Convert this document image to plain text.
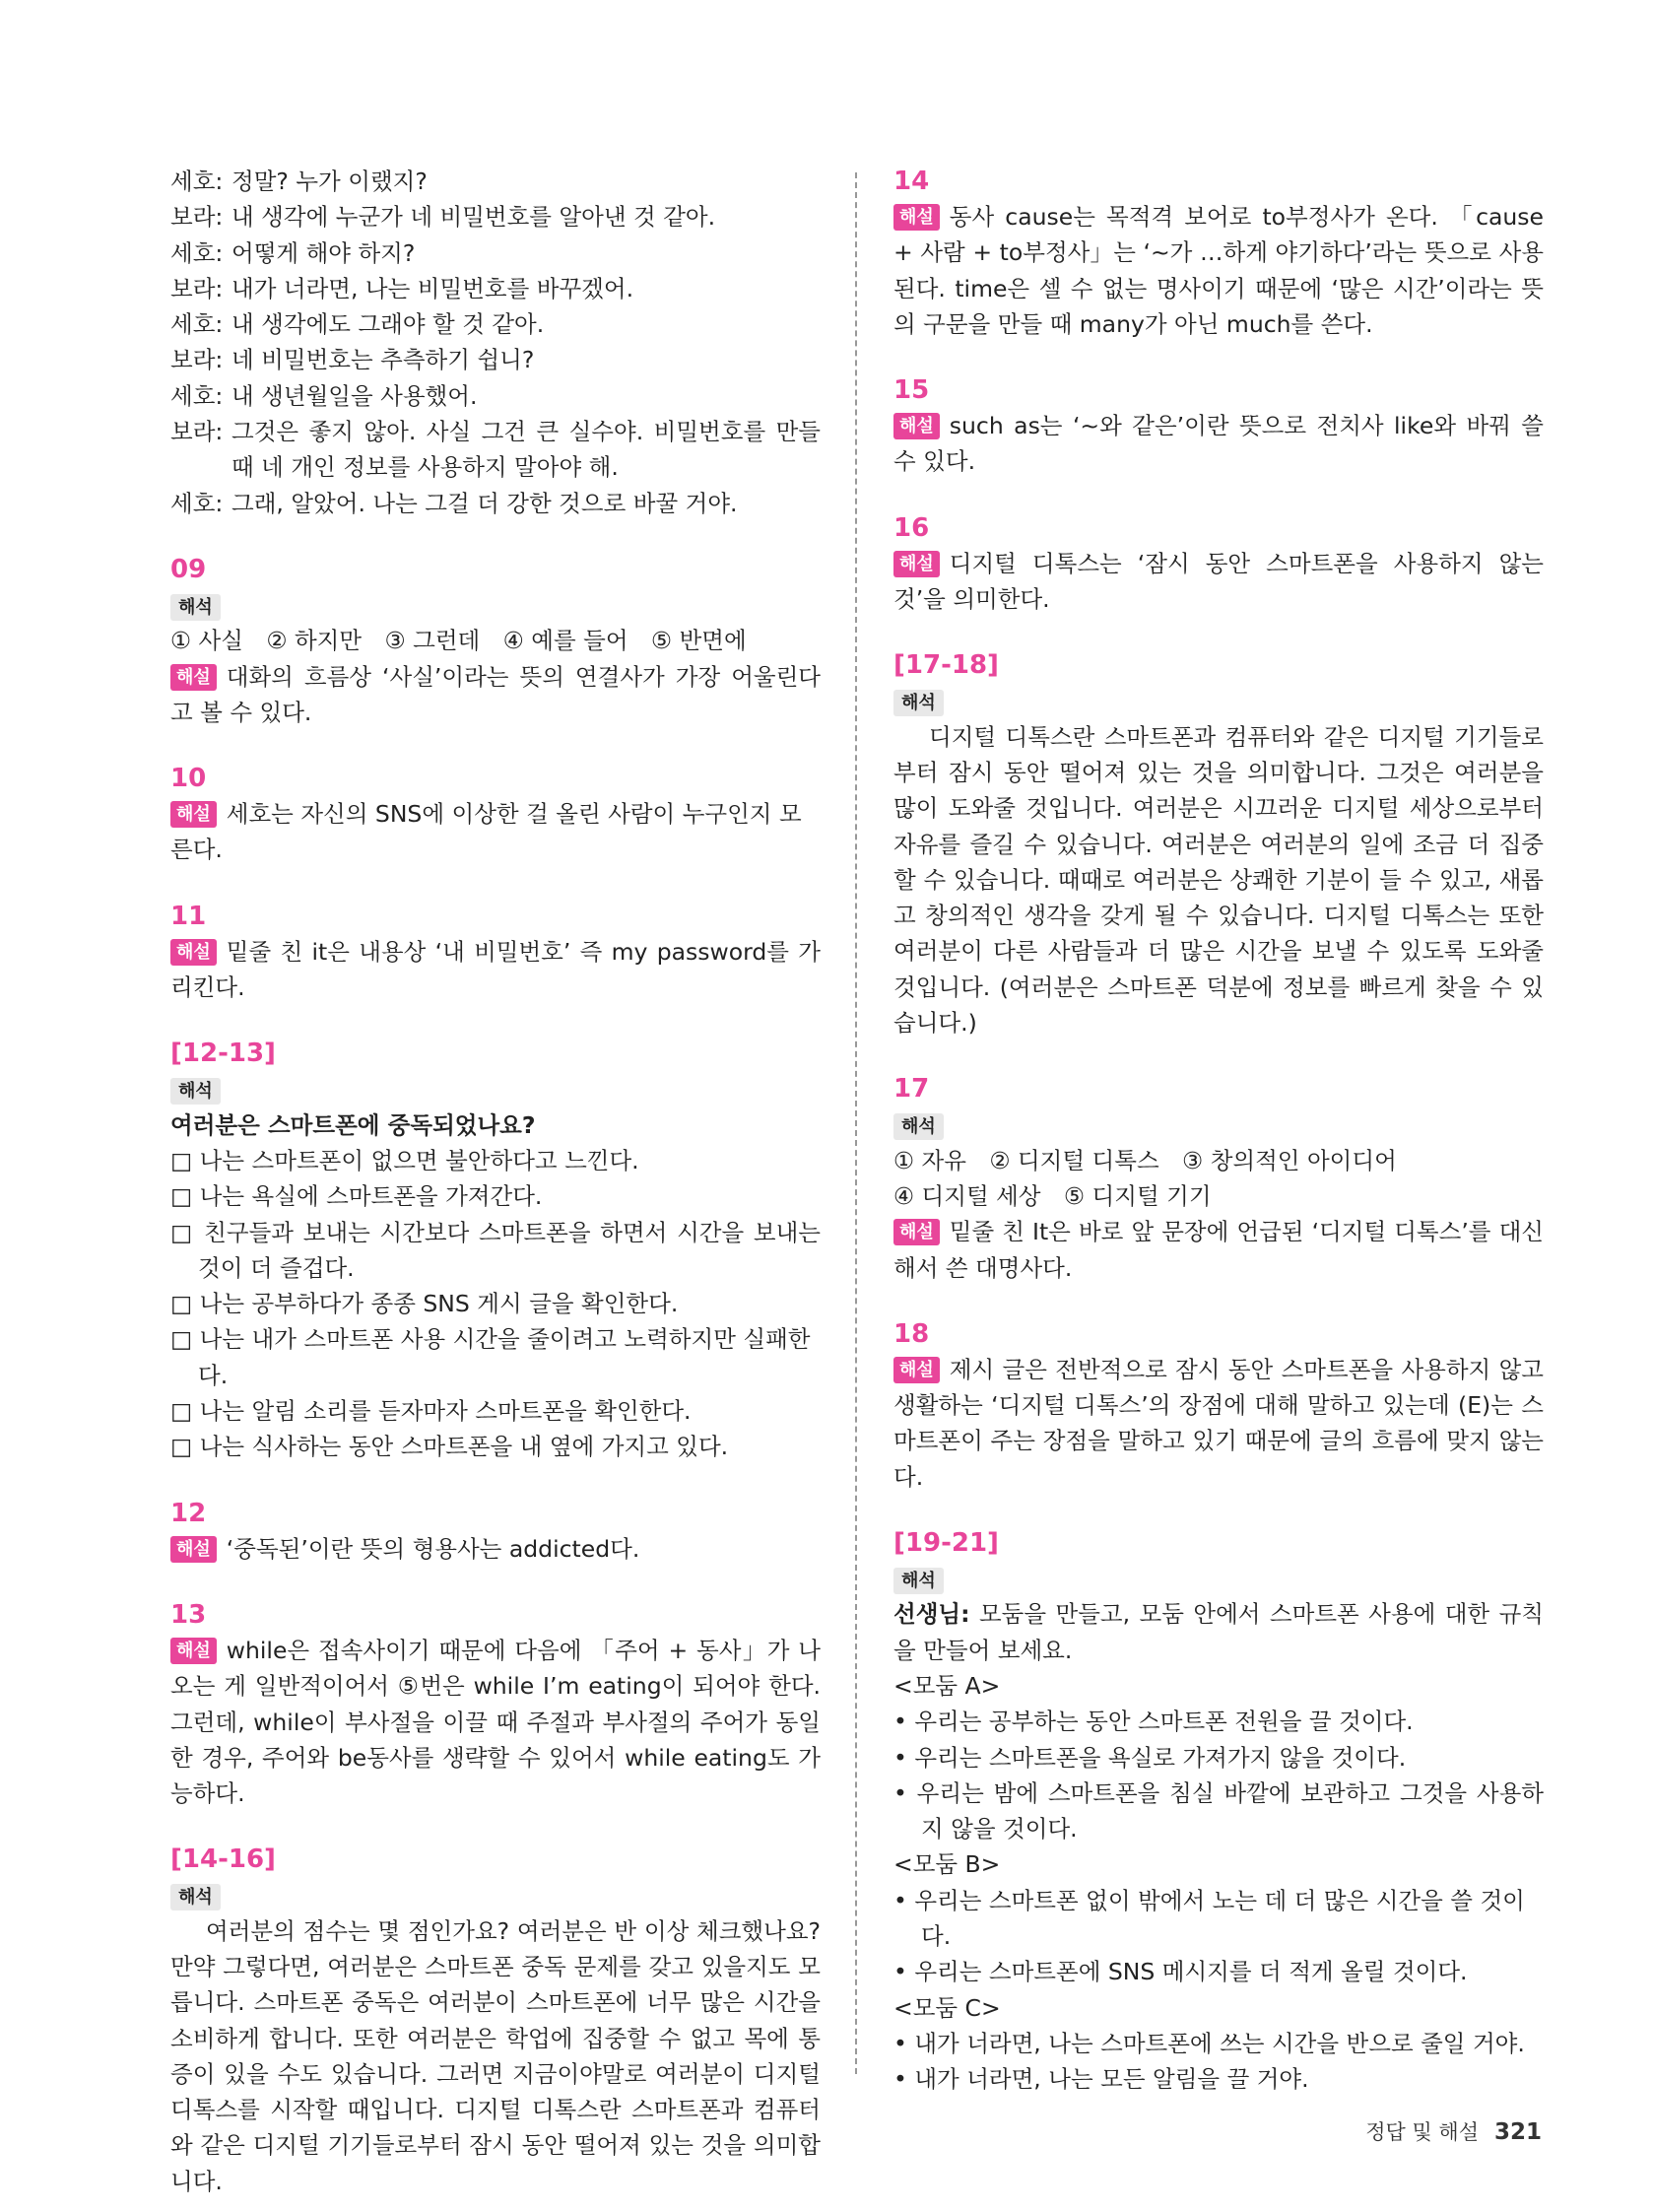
세호: 정말? 누가 이랬지?
보라: 내 생각에 누군가 네 비밀번호를 알아낸 것 같아.
세호: 어떻게 해야 하지?
보라: 내가 너라면, 나는 비밀번호를 바꾸겠어.
세호: 내 생각에도 그래야 할 것 같아.
보라: 네 비밀번호는 추측하기 쉽니?
세호: 내 생년월일을 사용했어.
보라: 그것은 좋지 않아. 사실 그건 큰 실수야. 비밀번호를 만들 때 네 개인 정보를 사용하지 말아야 해.
세호: 그래, 알았어. 나는 그걸 더 강한 것으로 바꿀 거야.
09
해석
① 사실　② 하지만　③ 그런데　④ 예를 들어　⑤ 반면에
해설 대화의 흐름상 ‘사실’이라는 뜻의 연결사가 가장 어울린다고 볼 수 있다.
10
해설 세호는 자신의 SNS에 이상한 걸 올린 사람이 누구인지 모른다.
11
해설 밑줄 친 it은 내용상 ‘내 비밀번호’ 즉 my password를 가리킨다.
[12-13]
해석
여러분은 스마트폰에 중독되었나요?
□ 나는 스마트폰이 없으면 불안하다고 느낀다.
□ 나는 욕실에 스마트폰을 가져간다.
□ 친구들과 보내는 시간보다 스마트폰을 하면서 시간을 보내는 것이 더 즐겁다.
□ 나는 공부하다가 종종 SNS 게시 글을 확인한다.
□ 나는 내가 스마트폰 사용 시간을 줄이려고 노력하지만 실패한다.
□ 나는 알림 소리를 듣자마자 스마트폰을 확인한다.
□ 나는 식사하는 동안 스마트폰을 내 옆에 가지고 있다.
12
해설 ‘중독된’이란 뜻의 형용사는 addicted다.
13
해설 while은 접속사이기 때문에 다음에 「주어 + 동사」가 나오는 게 일반적이어서 ⑤번은 while I’m eating이 되어야 한다. 그런데, while이 부사절을 이끌 때 주절과 부사절의 주어가 동일한 경우, 주어와 be동사를 생략할 수 있어서 while eating도 가능하다.
[14-16]
해석
여러분의 점수는 몇 점인가요? 여러분은 반 이상 체크했나요? 만약 그렇다면, 여러분은 스마트폰 중독 문제를 갖고 있을지도 모릅니다. 스마트폰 중독은 여러분이 스마트폰에 너무 많은 시간을 소비하게 합니다. 또한 여러분은 학업에 집중할 수 없고 목에 통증이 있을 수도 있습니다. 그러면 지금이야말로 여러분이 디지털 디톡스를 시작할 때입니다. 디지털 디톡스란 스마트폰과 컴퓨터와 같은 디지털 기기들로부터 잠시 동안 떨어져 있는 것을 의미합니다.
14
해설 동사 cause는 목적격 보어로 to부정사가 온다. 「cause + 사람 + to부정사」는 ‘~가 …하게 야기하다’라는 뜻으로 사용된다. time은 셀 수 없는 명사이기 때문에 ‘많은 시간’이라는 뜻의 구문을 만들 때 many가 아닌 much를 쓴다.
15
해설 such as는 ‘~와 같은’이란 뜻으로 전치사 like와 바꿔 쓸 수 있다.
16
해설 디지털 디톡스는 ‘잠시 동안 스마트폰을 사용하지 않는 것’을 의미한다.
[17-18]
해석
디지털 디톡스란 스마트폰과 컴퓨터와 같은 디지털 기기들로부터 잠시 동안 떨어져 있는 것을 의미합니다. 그것은 여러분을 많이 도와줄 것입니다. 여러분은 시끄러운 디지털 세상으로부터 자유를 즐길 수 있습니다. 여러분은 여러분의 일에 조금 더 집중할 수 있습니다. 때때로 여러분은 상쾌한 기분이 들 수 있고, 새롭고 창의적인 생각을 갖게 될 수 있습니다. 디지털 디톡스는 또한 여러분이 다른 사람들과 더 많은 시간을 보낼 수 있도록 도와줄 것입니다. (여러분은 스마트폰 덕분에 정보를 빠르게 찾을 수 있습니다.)
17
해석
① 자유　② 디지털 디톡스　③ 창의적인 아이디어
④ 디지털 세상　⑤ 디지털 기기
해설 밑줄 친 It은 바로 앞 문장에 언급된 ‘디지털 디톡스’를 대신해서 쓴 대명사다.
18
해설 제시 글은 전반적으로 잠시 동안 스마트폰을 사용하지 않고 생활하는 ‘디지털 디톡스’의 장점에 대해 말하고 있는데 (E)는 스마트폰이 주는 장점을 말하고 있기 때문에 글의 흐름에 맞지 않는다.
[19-21]
해석
선생님: 모둠을 만들고, 모둠 안에서 스마트폰 사용에 대한 규칙을 만들어 보세요.
<모둠 A>
• 우리는 공부하는 동안 스마트폰 전원을 끌 것이다.
• 우리는 스마트폰을 욕실로 가져가지 않을 것이다.
• 우리는 밤에 스마트폰을 침실 바깥에 보관하고 그것을 사용하지 않을 것이다.
<모둠 B>
• 우리는 스마트폰 없이 밖에서 노는 데 더 많은 시간을 쓸 것이다.
• 우리는 스마트폰에 SNS 메시지를 더 적게 올릴 것이다.
<모둠 C>
• 내가 너라면, 나는 스마트폰에 쓰는 시간을 반으로 줄일 거야.
• 내가 너라면, 나는 모든 알림을 끌 거야.
정답 및 해설 321
